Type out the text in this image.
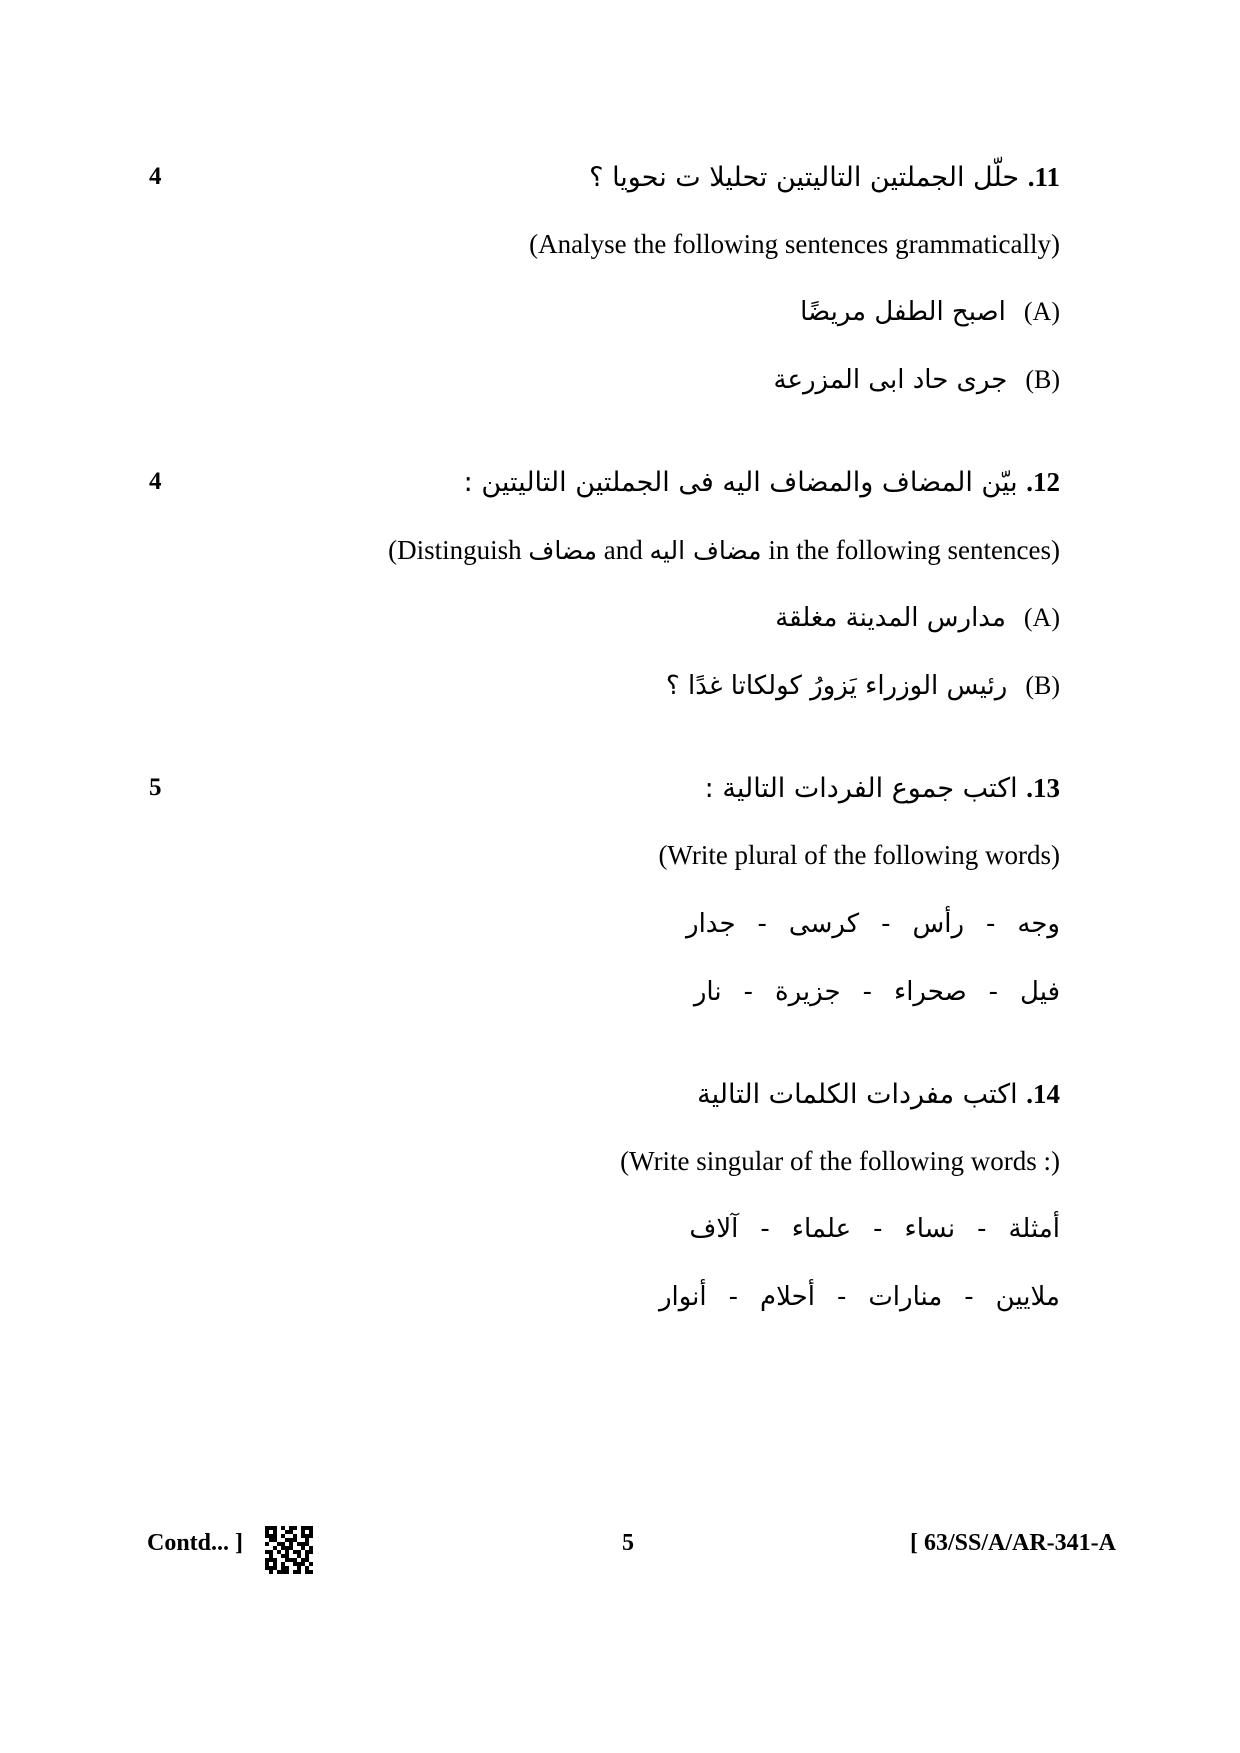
4	11. حلّل الجملتين التاليتين تحليلا ت نحويا ؟
(Analyse the following sentences grammatically)
(A)اصبح الطفل مريضًا
(B)جرى حاد ابى المزرعة
4	12. بيّن المضاف والمضاف اليه فى الجملتين التاليتين :
(Distinguish مضاف and مضاف اليه in the following sentences)
(A)مدارس المدينة مغلقة
(B)رئيس الوزراء يَزورُ كولكاتا غدًا ؟
5	13. اكتب جموع الفردات التالية :
(Write plural of the following words)
وجه-رأس-كرسى-جدار
فيل-صحراء-جزيرة-نار
14. اكتب مفردات الكلمات التالية
(Write singular of the following words :)
أمثلة-نساء-علماء-آلاف
ملايين-منارات-أحلام-أنوار
Contd... ]	5	[ 63/SS/A/AR-341-A
